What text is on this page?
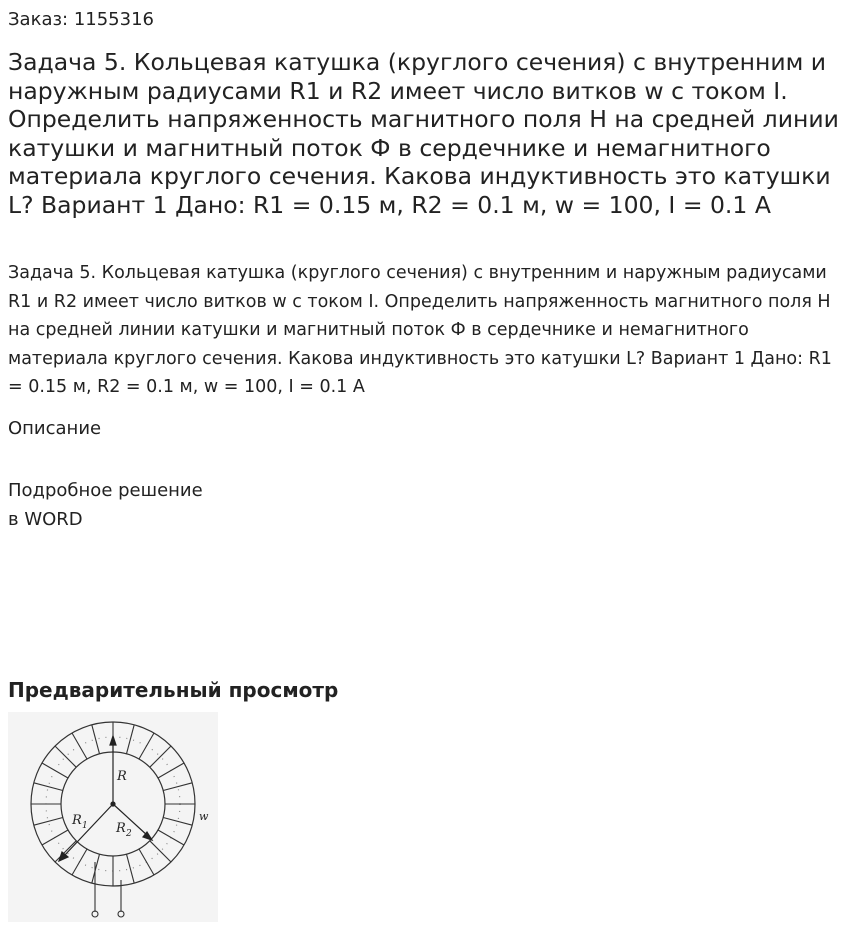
Заказ: 1155316
Задача 5. Кольцевая катушка (круглого сечения) с внутренним и наружным радиусами R1 и R2 имеет число витков w с током I. Определить напряженность магнитного поля H на средней линии катушки и магнитный поток Ф в сердечнике и немагнитного материала круглого сечения. Какова индуктивность это катушки L? Вариант 1 Дано: R1 = 0.15 м, R2 = 0.1 м, w = 100, I = 0.1 А

Задача 5. Кольцевая катушка (круглого сечения) с внутренним и наружным радиусами R1 и R2 имеет число витков w с током I. Определить напряженность магнитного поля H на средней линии катушки и магнитный поток Ф в сердечнике и немагнитного материала круглого сечения. Какова индуктивность это катушки L? Вариант 1 Дано: R1 = 0.15 м, R2 = 0.1 м, w = 100, I = 0.1 А

Описание
Подробное решение
в WORD
Предварительный просмотр
R
R 1 R 2
w
